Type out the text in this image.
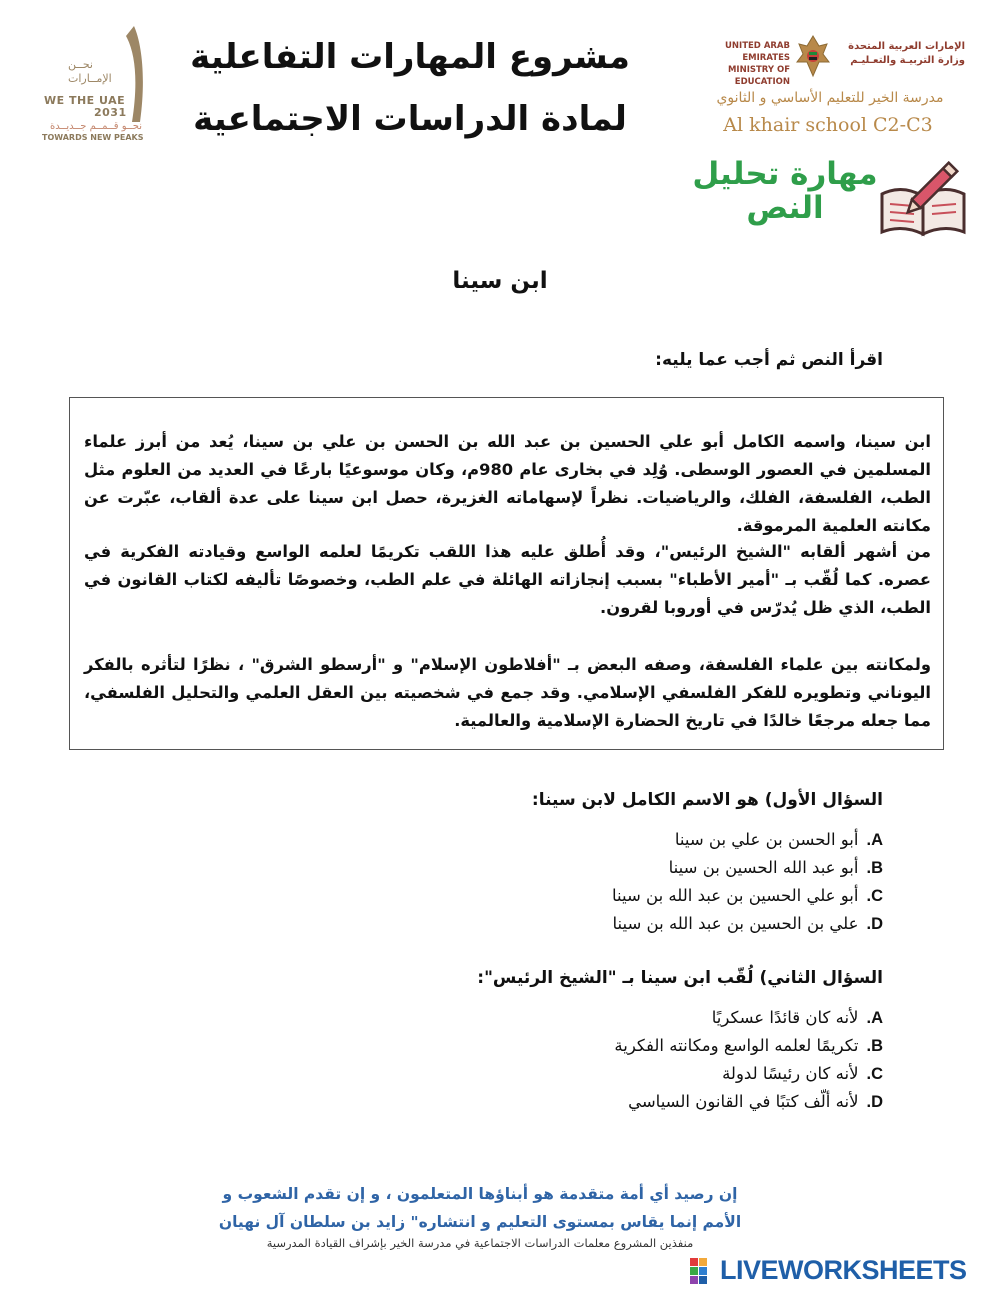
نحــن
الإمــارات
WE THE UAE
2031
نحــو قــمــم جــديــدة
TOWARDS NEW PEAKS
مشروع المهارات التفاعلية
لمادة الدراسات الاجتماعية
UNITED ARAB EMIRATES
MINISTRY OF EDUCATION
الإمارات العربية المتحدة
وزارة التربيـة والتعـليـم
مدرسة الخير للتعليم الأساسي و الثانوي
Al khair school C2-C3
مهارة تحليل
النص
ابن سينا
اقرأ النص ثم أجب عما يليه:
ابن سينا، واسمه الكامل أبو علي الحسين بن عبد الله بن الحسن بن علي بن سينا، يُعد من أبرز علماء المسلمين في العصور الوسطى. وُلِد في بخارى عام 980م، وكان موسوعيًا بارعًا في العديد من العلوم مثل الطب، الفلسفة، الفلك، والرياضيات. نظراً لإسهاماته الغزيرة، حصل ابن سينا على عدة ألقاب، عبّرت عن مكانته العلمية المرموقة.
من أشهر ألقابه "الشيخ الرئيس"، وقد أُطلق عليه هذا اللقب تكريمًا لعلمه الواسع وقيادته الفكرية في عصره. كما لُقّب بـ "أمير الأطباء" بسبب إنجازاته الهائلة في علم الطب، وخصوصًا تأليفه لكتاب القانون في الطب، الذي ظل يُدرّس في أوروبا لقرون.
ولمكانته بين علماء الفلسفة، وصفه البعض بـ "أفلاطون الإسلام" و "أرسطو الشرق" ، نظرًا لتأثره بالفكر اليوناني وتطويره للفكر الفلسفي الإسلامي. وقد جمع في شخصيته بين العقل العلمي والتحليل الفلسفي، مما جعله مرجعًا خالدًا في تاريخ الحضارة الإسلامية والعالمية.
السؤال الأول) هو الاسم الكامل لابن سينا:
A.أبو الحسن بن علي بن سينا
B.أبو عبد الله الحسين بن سينا
C.أبو علي الحسين بن عبد الله بن سينا
D.علي بن الحسين بن عبد الله بن سينا
السؤال الثاني) لُقّب ابن سينا بـ "الشيخ الرئيس":
A.لأنه كان قائدًا عسكريًا
B.تكريمًا لعلمه الواسع ومكانته الفكرية
C.لأنه كان رئيسًا لدولة
D.لأنه ألّف كتبًا في القانون السياسي
إن رصيد أي أمة متقدمة هو أبناؤها المتعلمون ، و إن تقدم الشعوب و
الأمم إنما يقاس بمستوى التعليم و انتشاره" زايد بن سلطان آل نهيان
منفذين المشروع معلمات الدراسات الاجتماعية في مدرسة الخير بإشراف القيادة المدرسية
LIVEWORKSHEETS
